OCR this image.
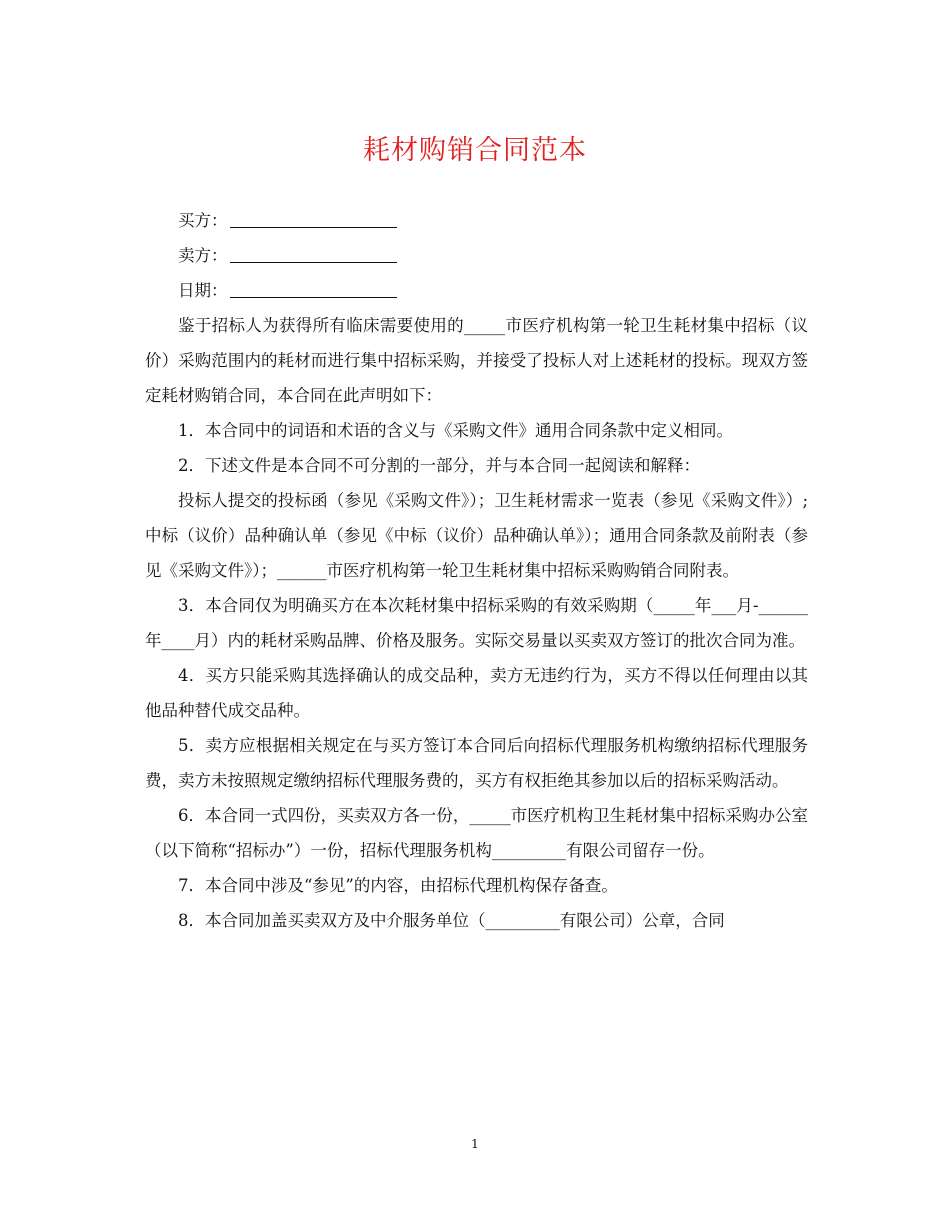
耗材购销合同范本

买方：

卖方：

日期：

鉴于招标人为获得所有临床需要使用的_____市医疗机构第一轮卫生耗材集中招标（议价）采购范围内的耗材而进行集中招标采购，并接受了投标人对上述耗材的投标。现双方签定耗材购销合同，本合同在此声明如下：

1．本合同中的词语和术语的含义与《采购文件》通用合同条款中定义相同。

2．下述文件是本合同不可分割的一部分，并与本合同一起阅读和解释：

投标人提交的投标函（参见《采购文件》）；卫生耗材需求一览表（参见《采购文件》）;中标（议价）品种确认单（参见《中标（议价）品种确认单》）；通用合同条款及前附表（参见《采购文件》）；______市医疗机构第一轮卫生耗材集中招标采购购销合同附表。

3．本合同仅为明确买方在本次耗材集中招标采购的有效采购期（_____年___月-______年____月）内的耗材采购品牌、价格及服务。实际交易量以买卖双方签订的批次合同为准。

4．买方只能采购其选择确认的成交品种，卖方无违约行为，买方不得以任何理由以其他品种替代成交品种。

5．卖方应根据相关规定在与买方签订本合同后向招标代理服务机构缴纳招标代理服务费，卖方未按照规定缴纳招标代理服务费的，买方有权拒绝其参加以后的招标采购活动。

6．本合同一式四份，买卖双方各一份，_____市医疗机构卫生耗材集中招标采购办公室（以下简称“招标办”）一份，招标代理服务机构_________有限公司留存一份。

7．本合同中涉及“参见”的内容，由招标代理机构保存备查。

8．本合同加盖买卖双方及中介服务单位（_________有限公司）公章，合同

1
